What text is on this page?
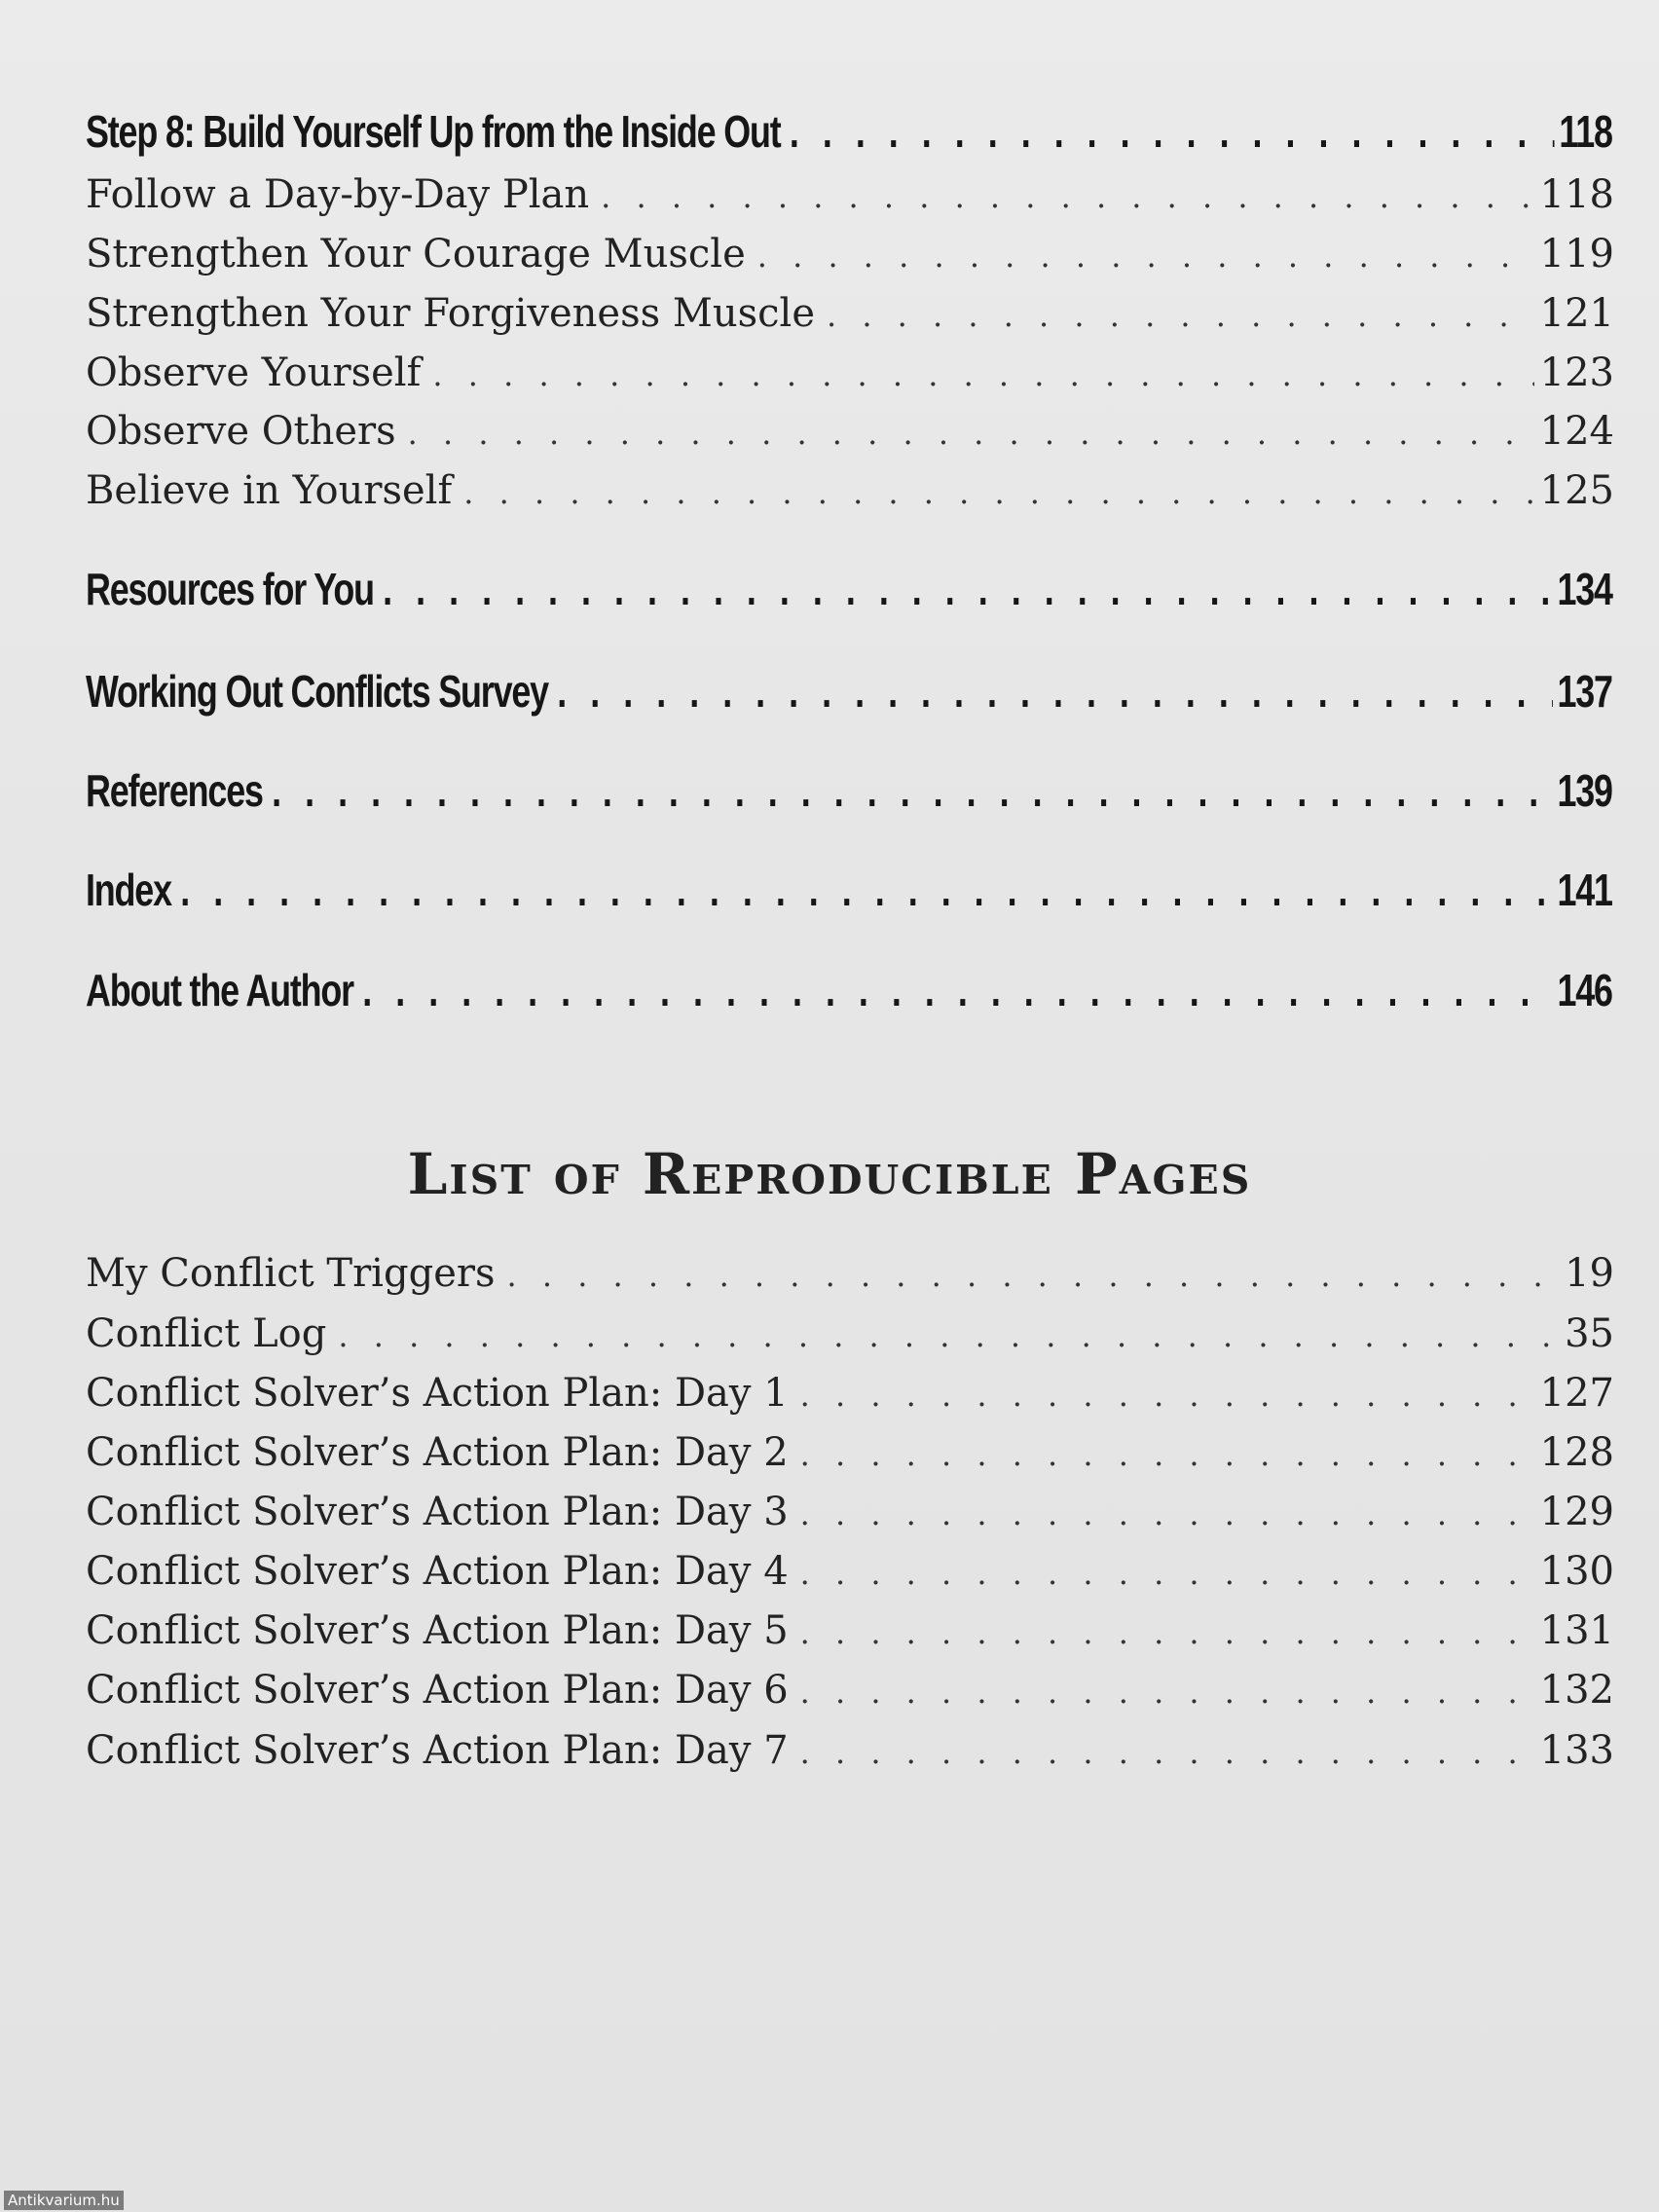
Step 8: Build Yourself Up from the Inside Out . . .	118
Follow a Day-by-Day Plan . . .	118
Strengthen Your Courage Muscle . . .	119
Strengthen Your Forgiveness Muscle . . .	121
Observe Yourself . . .	123
Observe Others . . .	124
Believe in Yourself . . .	125
Resources for You . . .	134
Working Out Conflicts Survey . . .	137
References . . .	139
Index . . .	141
About the Author . . .	146
List of Reproducible Pages
My Conflict Triggers . . .	19
Conflict Log . . .	35
Conflict Solver’s Action Plan: Day 1 . . .	127
Conflict Solver’s Action Plan: Day 2 . . .	128
Conflict Solver’s Action Plan: Day 3 . . .	129
Conflict Solver’s Action Plan: Day 4 . . .	130
Conflict Solver’s Action Plan: Day 5 . . .	131
Conflict Solver’s Action Plan: Day 6 . . .	132
Conflict Solver’s Action Plan: Day 7 . . .	133
Antikvarium.hu
